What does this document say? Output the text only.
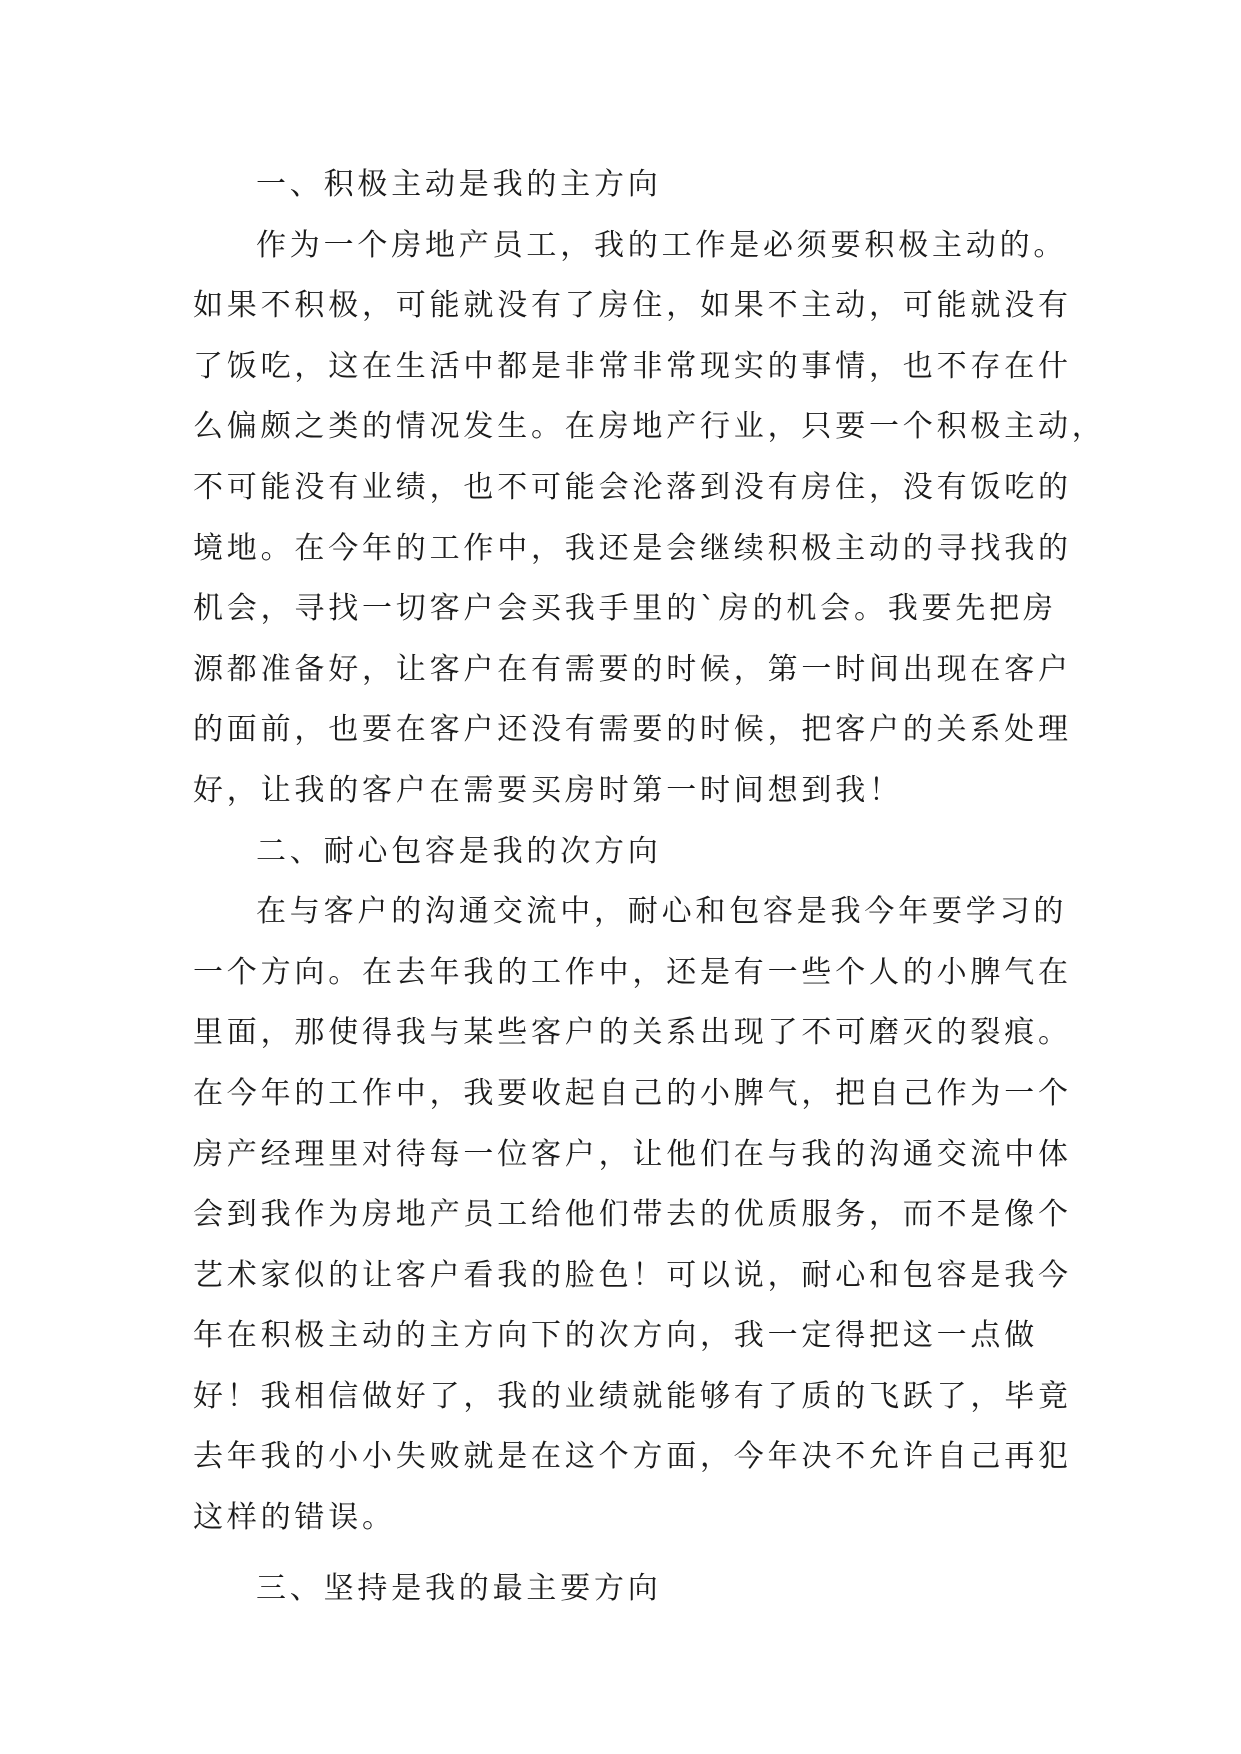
一、积极主动是我的主方向
作为一个房地产员工，我的工作是必须要积极主动的。
如果不积极，可能就没有了房住，如果不主动，可能就没有
了饭吃，这在生活中都是非常非常现实的事情，也不存在什
么偏颇之类的情况发生。在房地产行业，只要一个积极主动，
不可能没有业绩，也不可能会沦落到没有房住，没有饭吃的
境地。在今年的工作中，我还是会继续积极主动的寻找我的
机会，寻找一切客户会买我手里的`房的机会。我要先把房
源都准备好，让客户在有需要的时候，第一时间出现在客户
的面前，也要在客户还没有需要的时候，把客户的关系处理
好，让我的客户在需要买房时第一时间想到我！
二、耐心包容是我的次方向
在与客户的沟通交流中，耐心和包容是我今年要学习的
一个方向。在去年我的工作中，还是有一些个人的小脾气在
里面，那使得我与某些客户的关系出现了不可磨灭的裂痕。
在今年的工作中，我要收起自己的小脾气，把自己作为一个
房产经理里对待每一位客户，让他们在与我的沟通交流中体
会到我作为房地产员工给他们带去的优质服务，而不是像个
艺术家似的让客户看我的脸色！可以说，耐心和包容是我今
年在积极主动的主方向下的次方向，我一定得把这一点做
好！我相信做好了，我的业绩就能够有了质的飞跃了，毕竟
去年我的小小失败就是在这个方面，今年决不允许自己再犯
这样的错误。
三、坚持是我的最主要方向
